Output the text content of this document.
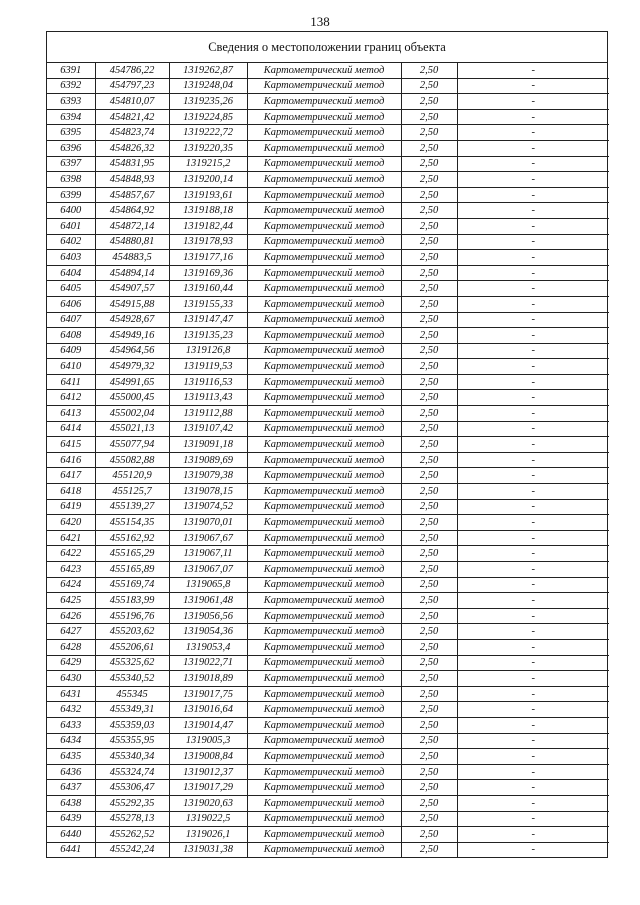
138
Сведения о местоположении границ объекта
6391	454786,22	1319262,87	Картометрический метод	2,50	-
6392	454797,23	1319248,04	Картометрический метод	2,50	-
6393	454810,07	1319235,26	Картометрический метод	2,50	-
6394	454821,42	1319224,85	Картометрический метод	2,50	-
6395	454823,74	1319222,72	Картометрический метод	2,50	-
6396	454826,32	1319220,35	Картометрический метод	2,50	-
6397	454831,95	1319215,2	Картометрический метод	2,50	-
6398	454848,93	1319200,14	Картометрический метод	2,50	-
6399	454857,67	1319193,61	Картометрический метод	2,50	-
6400	454864,92	1319188,18	Картометрический метод	2,50	-
6401	454872,14	1319182,44	Картометрический метод	2,50	-
6402	454880,81	1319178,93	Картометрический метод	2,50	-
6403	454883,5	1319177,16	Картометрический метод	2,50	-
6404	454894,14	1319169,36	Картометрический метод	2,50	-
6405	454907,57	1319160,44	Картометрический метод	2,50	-
6406	454915,88	1319155,33	Картометрический метод	2,50	-
6407	454928,67	1319147,47	Картометрический метод	2,50	-
6408	454949,16	1319135,23	Картометрический метод	2,50	-
6409	454964,56	1319126,8	Картометрический метод	2,50	-
6410	454979,32	1319119,53	Картометрический метод	2,50	-
6411	454991,65	1319116,53	Картометрический метод	2,50	-
6412	455000,45	1319113,43	Картометрический метод	2,50	-
6413	455002,04	1319112,88	Картометрический метод	2,50	-
6414	455021,13	1319107,42	Картометрический метод	2,50	-
6415	455077,94	1319091,18	Картометрический метод	2,50	-
6416	455082,88	1319089,69	Картометрический метод	2,50	-
6417	455120,9	1319079,38	Картометрический метод	2,50	-
6418	455125,7	1319078,15	Картометрический метод	2,50	-
6419	455139,27	1319074,52	Картометрический метод	2,50	-
6420	455154,35	1319070,01	Картометрический метод	2,50	-
6421	455162,92	1319067,67	Картометрический метод	2,50	-
6422	455165,29	1319067,11	Картометрический метод	2,50	-
6423	455165,89	1319067,07	Картометрический метод	2,50	-
6424	455169,74	1319065,8	Картометрический метод	2,50	-
6425	455183,99	1319061,48	Картометрический метод	2,50	-
6426	455196,76	1319056,56	Картометрический метод	2,50	-
6427	455203,62	1319054,36	Картометрический метод	2,50	-
6428	455206,61	1319053,4	Картометрический метод	2,50	-
6429	455325,62	1319022,71	Картометрический метод	2,50	-
6430	455340,52	1319018,89	Картометрический метод	2,50	-
6431	455345	1319017,75	Картометрический метод	2,50	-
6432	455349,31	1319016,64	Картометрический метод	2,50	-
6433	455359,03	1319014,47	Картометрический метод	2,50	-
6434	455355,95	1319005,3	Картометрический метод	2,50	-
6435	455340,34	1319008,84	Картометрический метод	2,50	-
6436	455324,74	1319012,37	Картометрический метод	2,50	-
6437	455306,47	1319017,29	Картометрический метод	2,50	-
6438	455292,35	1319020,63	Картометрический метод	2,50	-
6439	455278,13	1319022,5	Картометрический метод	2,50	-
6440	455262,52	1319026,1	Картометрический метод	2,50	-
6441	455242,24	1319031,38	Картометрический метод	2,50	-
